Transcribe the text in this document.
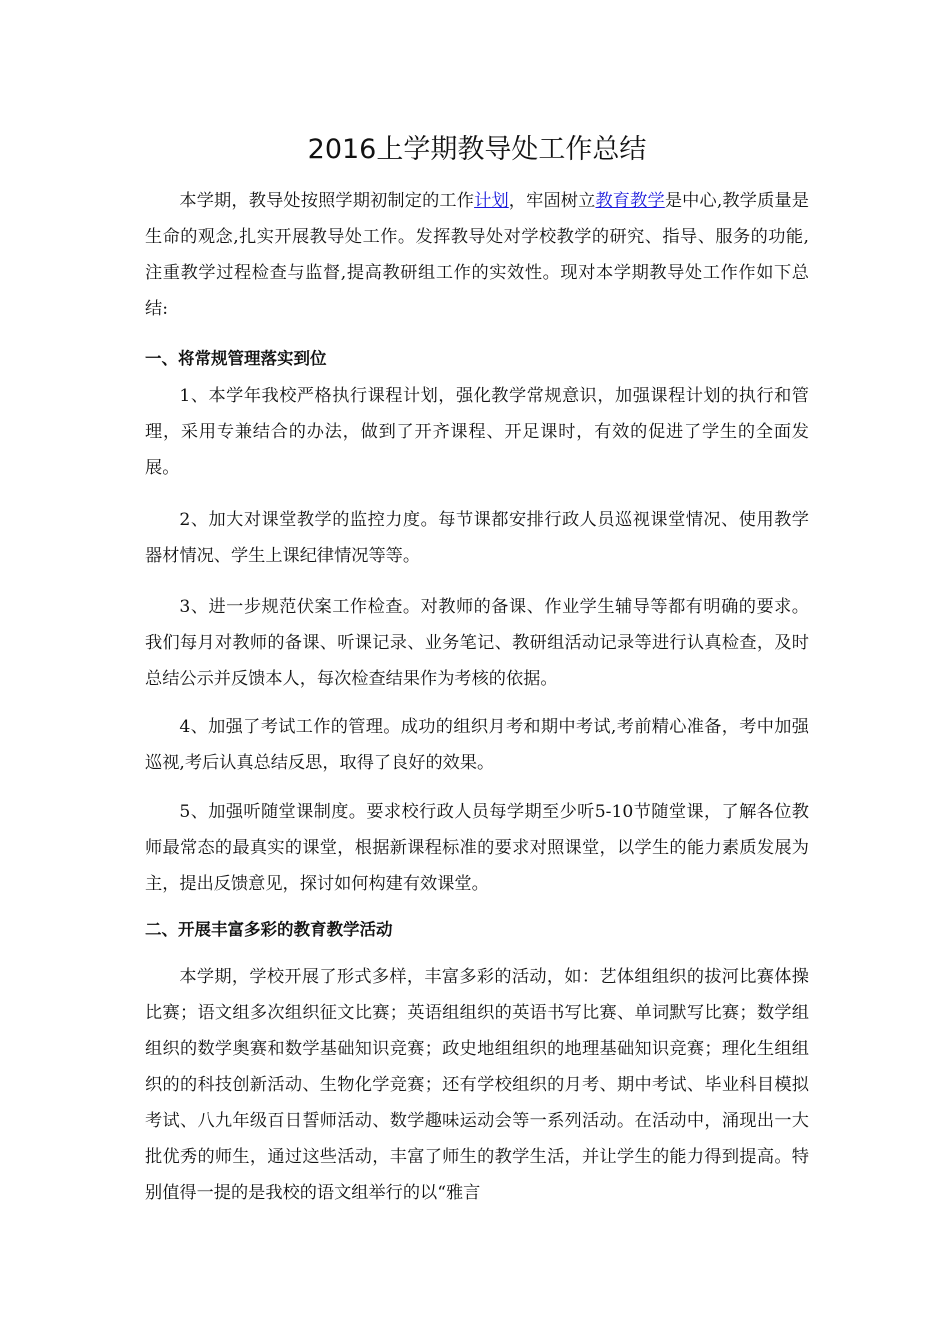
2016上学期教导处工作总结

本学期，教导处按照学期初制定的工作计划，牢固树立教育教学是中心,教学质量是生命的观念,扎实开展教导处工作。发挥教导处对学校教学的研究、指导、服务的功能,注重教学过程检查与监督,提高教研组工作的实效性。现对本学期教导处工作作如下总结:

一、将常规管理落实到位

1、本学年我校严格执行课程计划，强化教学常规意识，加强课程计划的执行和管理，采用专兼结合的办法，做到了开齐课程、开足课时，有效的促进了学生的全面发展。

2、加大对课堂教学的监控力度。每节课都安排行政人员巡视课堂情况、使用教学器材情况、学生上课纪律情况等等。

3、进一步规范伏案工作检查。对教师的备课、作业学生辅导等都有明确的要求。我们每月对教师的备课、听课记录、业务笔记、教研组活动记录等进行认真检查，及时总结公示并反馈本人，每次检查结果作为考核的依据。

4、加强了考试工作的管理。成功的组织月考和期中考试,考前精心准备，考中加强巡视,考后认真总结反思，取得了良好的效果。

5、加强听随堂课制度。要求校行政人员每学期至少听5-10节随堂课，了解各位教师最常态的最真实的课堂，根据新课程标准的要求对照课堂，以学生的能力素质发展为主，提出反馈意见，探讨如何构建有效课堂。

二、开展丰富多彩的教育教学活动

本学期，学校开展了形式多样，丰富多彩的活动，如：艺体组组织的拔河比赛体操比赛；语文组多次组织征文比赛；英语组组织的英语书写比赛、单词默写比赛；数学组组织的数学奥赛和数学基础知识竞赛；政史地组组织的地理基础知识竞赛；理化生组组织的的科技创新活动、生物化学竞赛；还有学校组织的月考、期中考试、毕业科目模拟考试、八九年级百日誓师活动、数学趣味运动会等一系列活动。在活动中，涌现出一大批优秀的师生，通过这些活动，丰富了师生的教学生活，并让学生的能力得到提高。特别值得一提的是我校的语文组举行的以“雅言
